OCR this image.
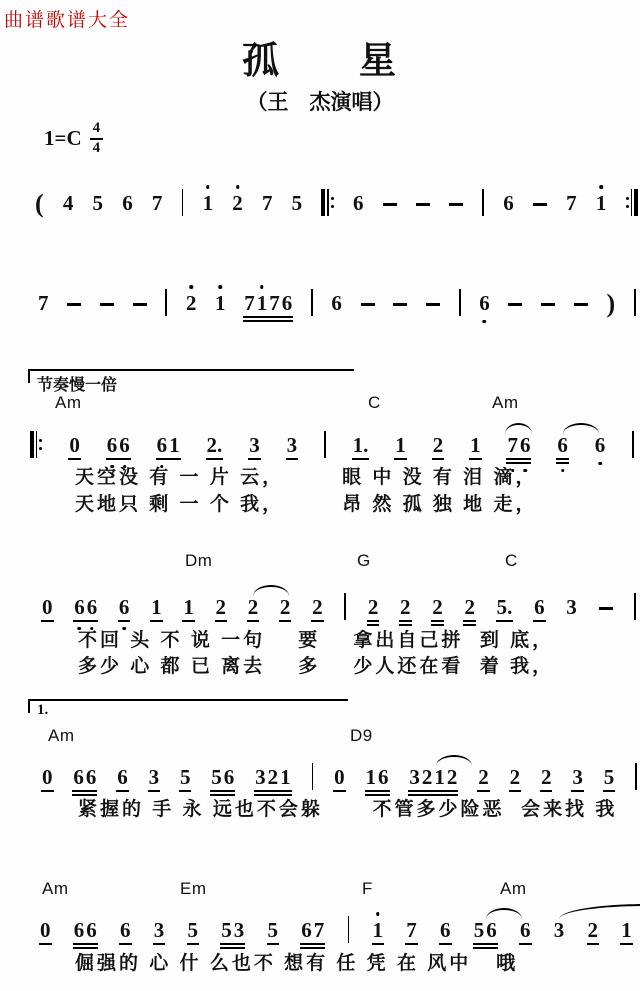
曲谱歌谱大全
孤　　星
（王　杰演唱）
$1=C \frac{4}{4}$
( 4 5 6 7 1 2 7 5 6	6 7 1
7	2 1 7 1 7 6 6	6	)
节奏慢一倍
Am	C	Am
0 6 6 6 1 2. 3 3	1. 1 2 1 7 6 6 6
天空没 有 一 片 云，       眼 中 没 有 泪 滴，
天地只 剩 一 个 我，       昂 然 孤 独 地 走，
Dm	G	C
0 6 6 6 1 1 2 2 2 2 2 2 2 2 5. 6 3
不回 头 不 说 一句    要    拿出自己拼  到 底，
多少 心 都 已 离去    多    少人还在看  着 我，
1.
Am	D9
0 6 6 6 3 5 5 6 3 2 1 0 1 6 3 2 1 2 2 2 2 3 5
紧握的 手 永 远也不会躲      不管多少险恶  会来找 我
Am	Em	F	Am
0 6 6 6 3 5 5 3 5 6 7 1 7 6 5 6 6 3 2 1
倔强的 心 什 么也不 想有 任 凭 在 风中   哦
